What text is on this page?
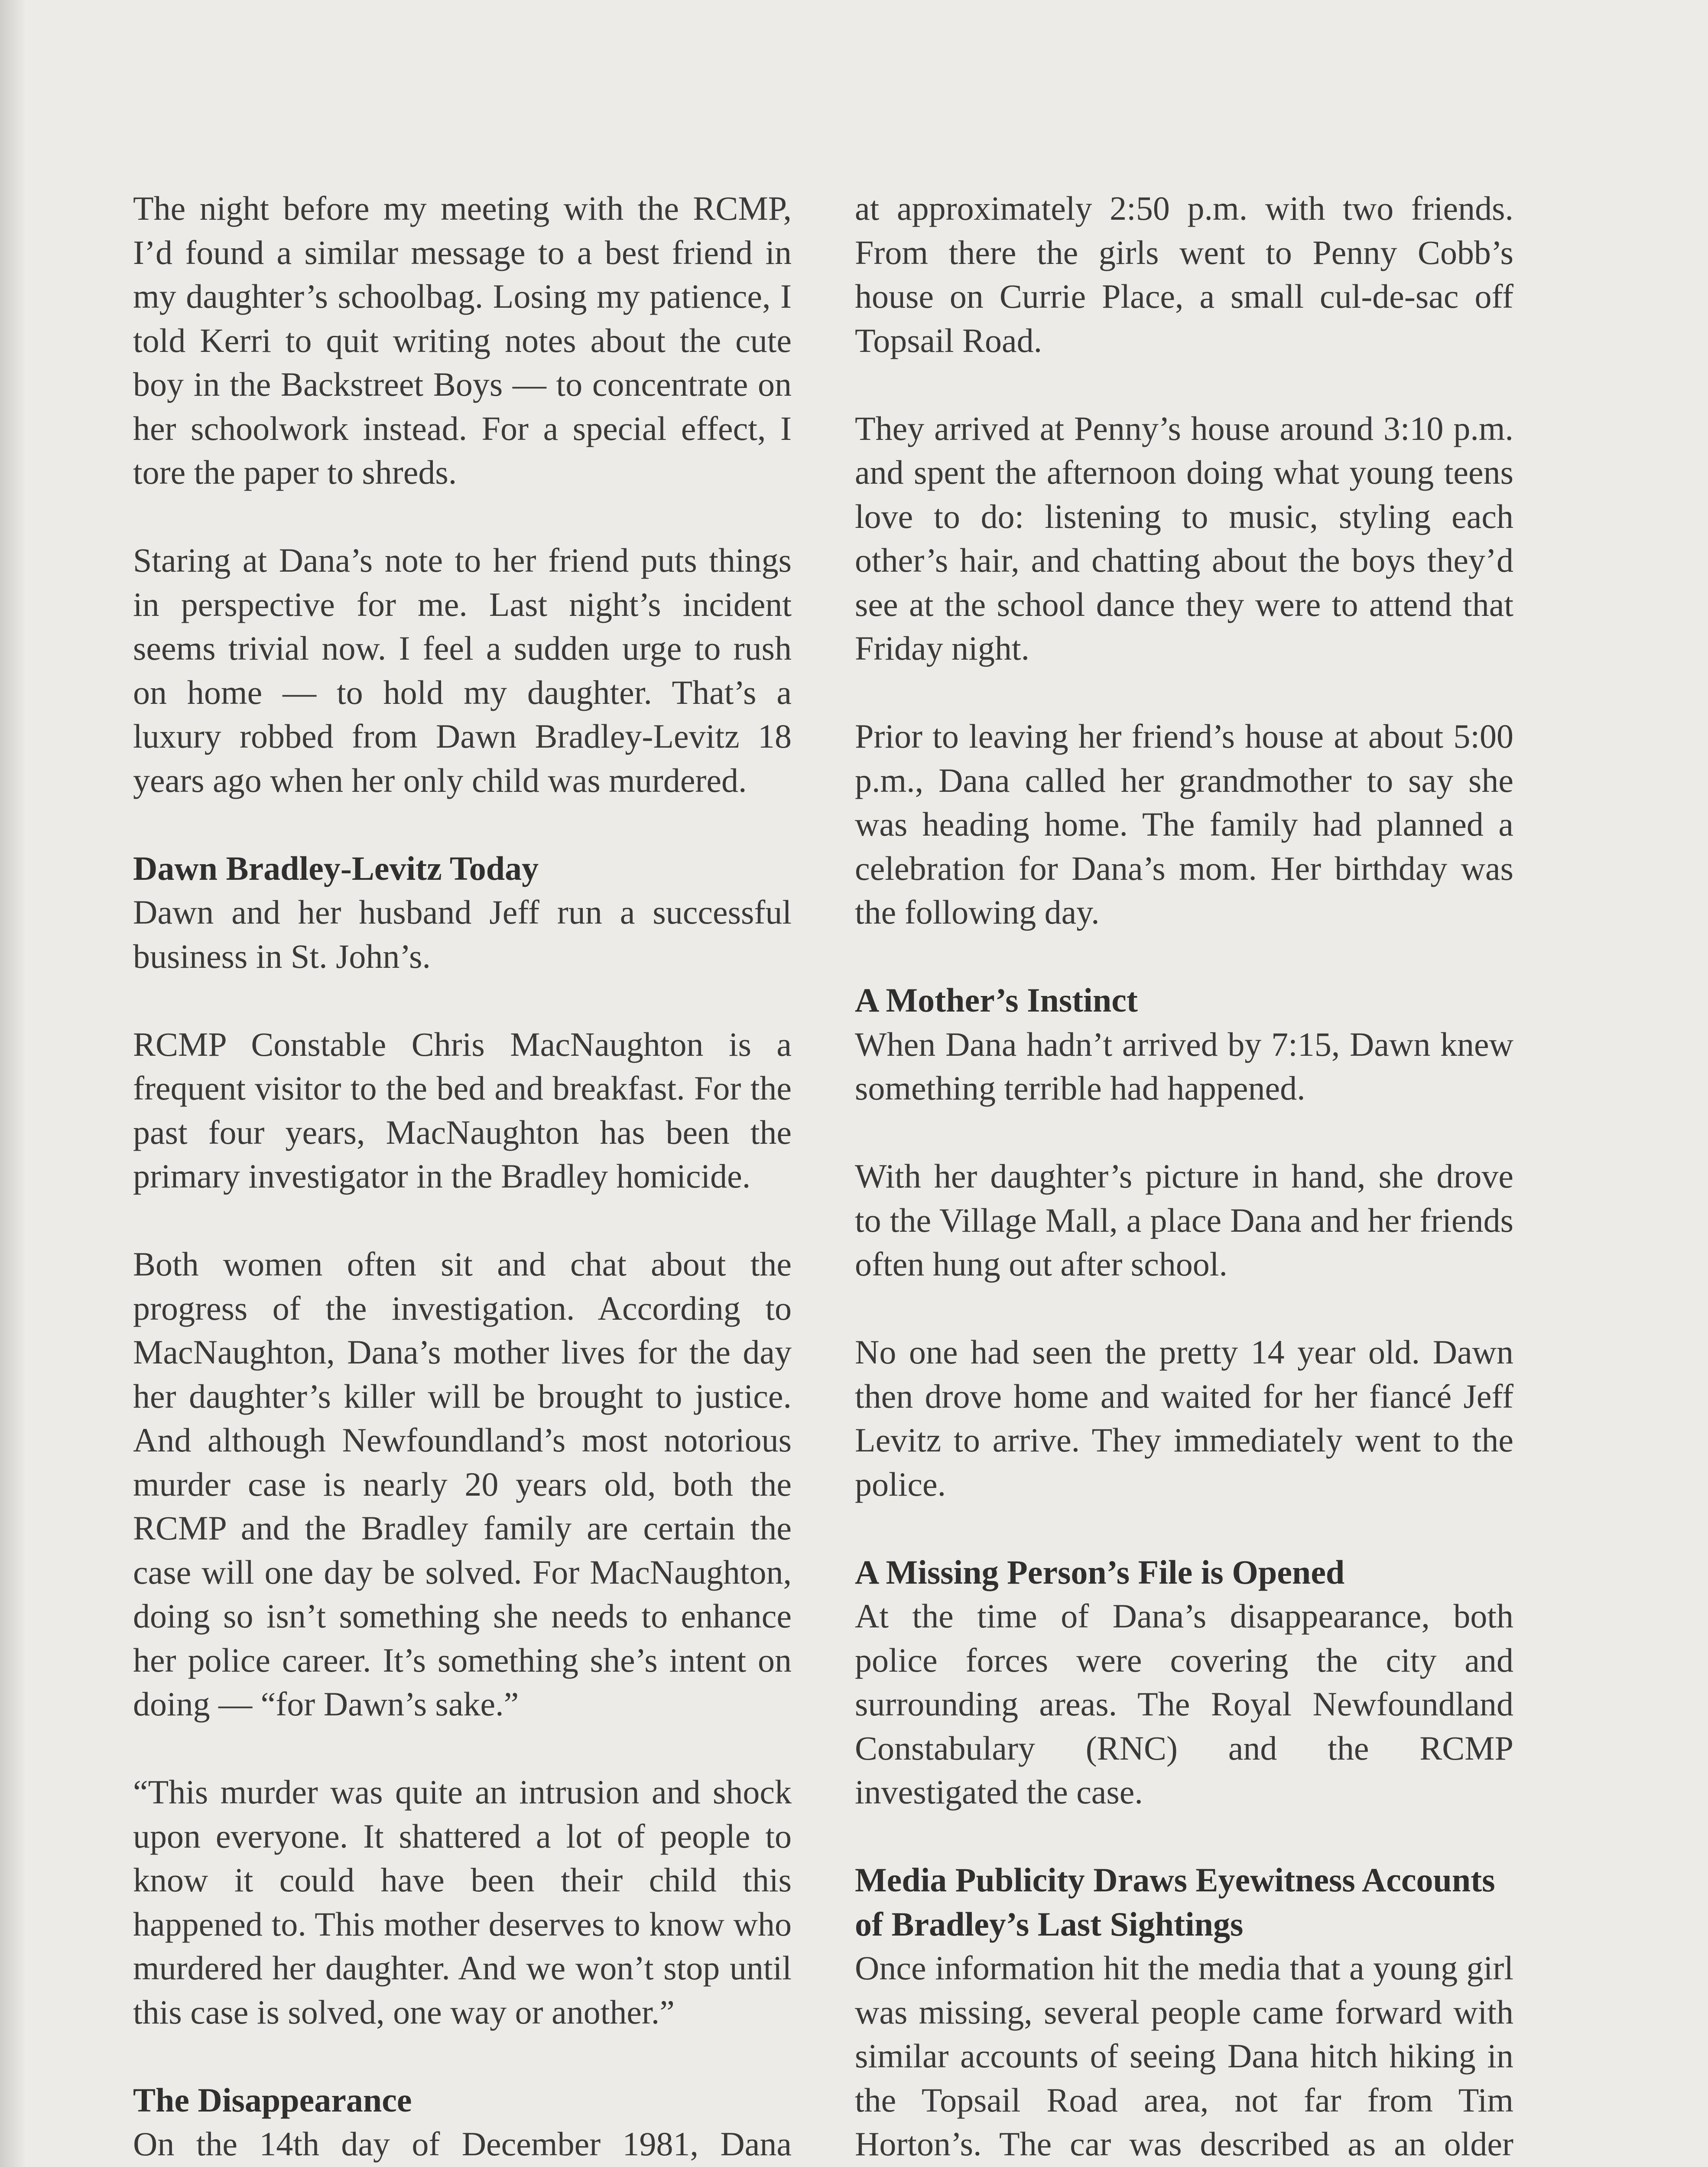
The night before my meeting with the RCMP, I’d found a similar message to a best friend in my daughter’s schoolbag. Losing my patience, I told Kerri to quit writing notes about the cute boy in the Backstreet Boys — to concentrate on her schoolwork instead. For a special effect, I tore the paper to shreds.

Staring at Dana’s note to her friend puts things in perspective for me. Last night’s incident seems trivial now. I feel a sudden urge to rush on home — to hold my daughter. That’s a luxury robbed from Dawn Bradley-Levitz 18 years ago when her only child was murdered.

Dawn Bradley-Levitz Today

Dawn and her husband Jeff run a successful business in St. John’s.

RCMP Constable Chris MacNaughton is a frequent visitor to the bed and breakfast. For the past four years, MacNaughton has been the primary investigator in the Bradley homicide.

Both women often sit and chat about the progress of the investigation. According to MacNaughton, Dana’s mother lives for the day her daughter’s killer will be brought to justice. And although Newfoundland’s most notorious murder case is nearly 20 years old, both the RCMP and the Bradley family are certain the case will one day be solved. For MacNaughton, doing so isn’t something she needs to enhance her police career. It’s something she’s intent on doing — “for Dawn’s sake.”

“This murder was quite an intrusion and shock upon everyone. It shattered a lot of people to know it could have been their child this happened to. This mother deserves to know who murdered her daughter. And we won’t stop until this case is solved, one way or another.”

The Disappearance

On the 14th day of December 1981, Dana

at approximately 2:50 p.m. with two friends. From there the girls went to Penny Cobb’s house on Currie Place, a small cul-de-sac off Topsail Road.

They arrived at Penny’s house around 3:10 p.m. and spent the afternoon doing what young teens love to do: listening to music, styling each other’s hair, and chatting about the boys they’d see at the school dance they were to attend that Friday night.

Prior to leaving her friend’s house at about 5:00 p.m., Dana called her grandmother to say she was heading home. The family had planned a celebration for Dana’s mom. Her birthday was the following day.

A Mother’s Instinct

When Dana hadn’t arrived by 7:15, Dawn knew something terrible had happened.

With her daughter’s picture in hand, she drove to the Village Mall, a place Dana and her friends often hung out after school.

No one had seen the pretty 14 year old. Dawn then drove home and waited for her fiancé Jeff Levitz to arrive. They immediately went to the police.

A Missing Person’s File is Opened

At the time of Dana’s disappearance, both police forces were covering the city and surrounding areas. The Royal Newfoundland Constabulary (RNC) and the RCMP investigated the case.

Media Publicity Draws Eyewitness Accounts of Bradley’s Last Sightings

Once information hit the media that a young girl was missing, several people came forward with similar accounts of seeing Dana hitch hiking in the Topsail Road area, not far from Tim Horton’s. The car was described as an older
